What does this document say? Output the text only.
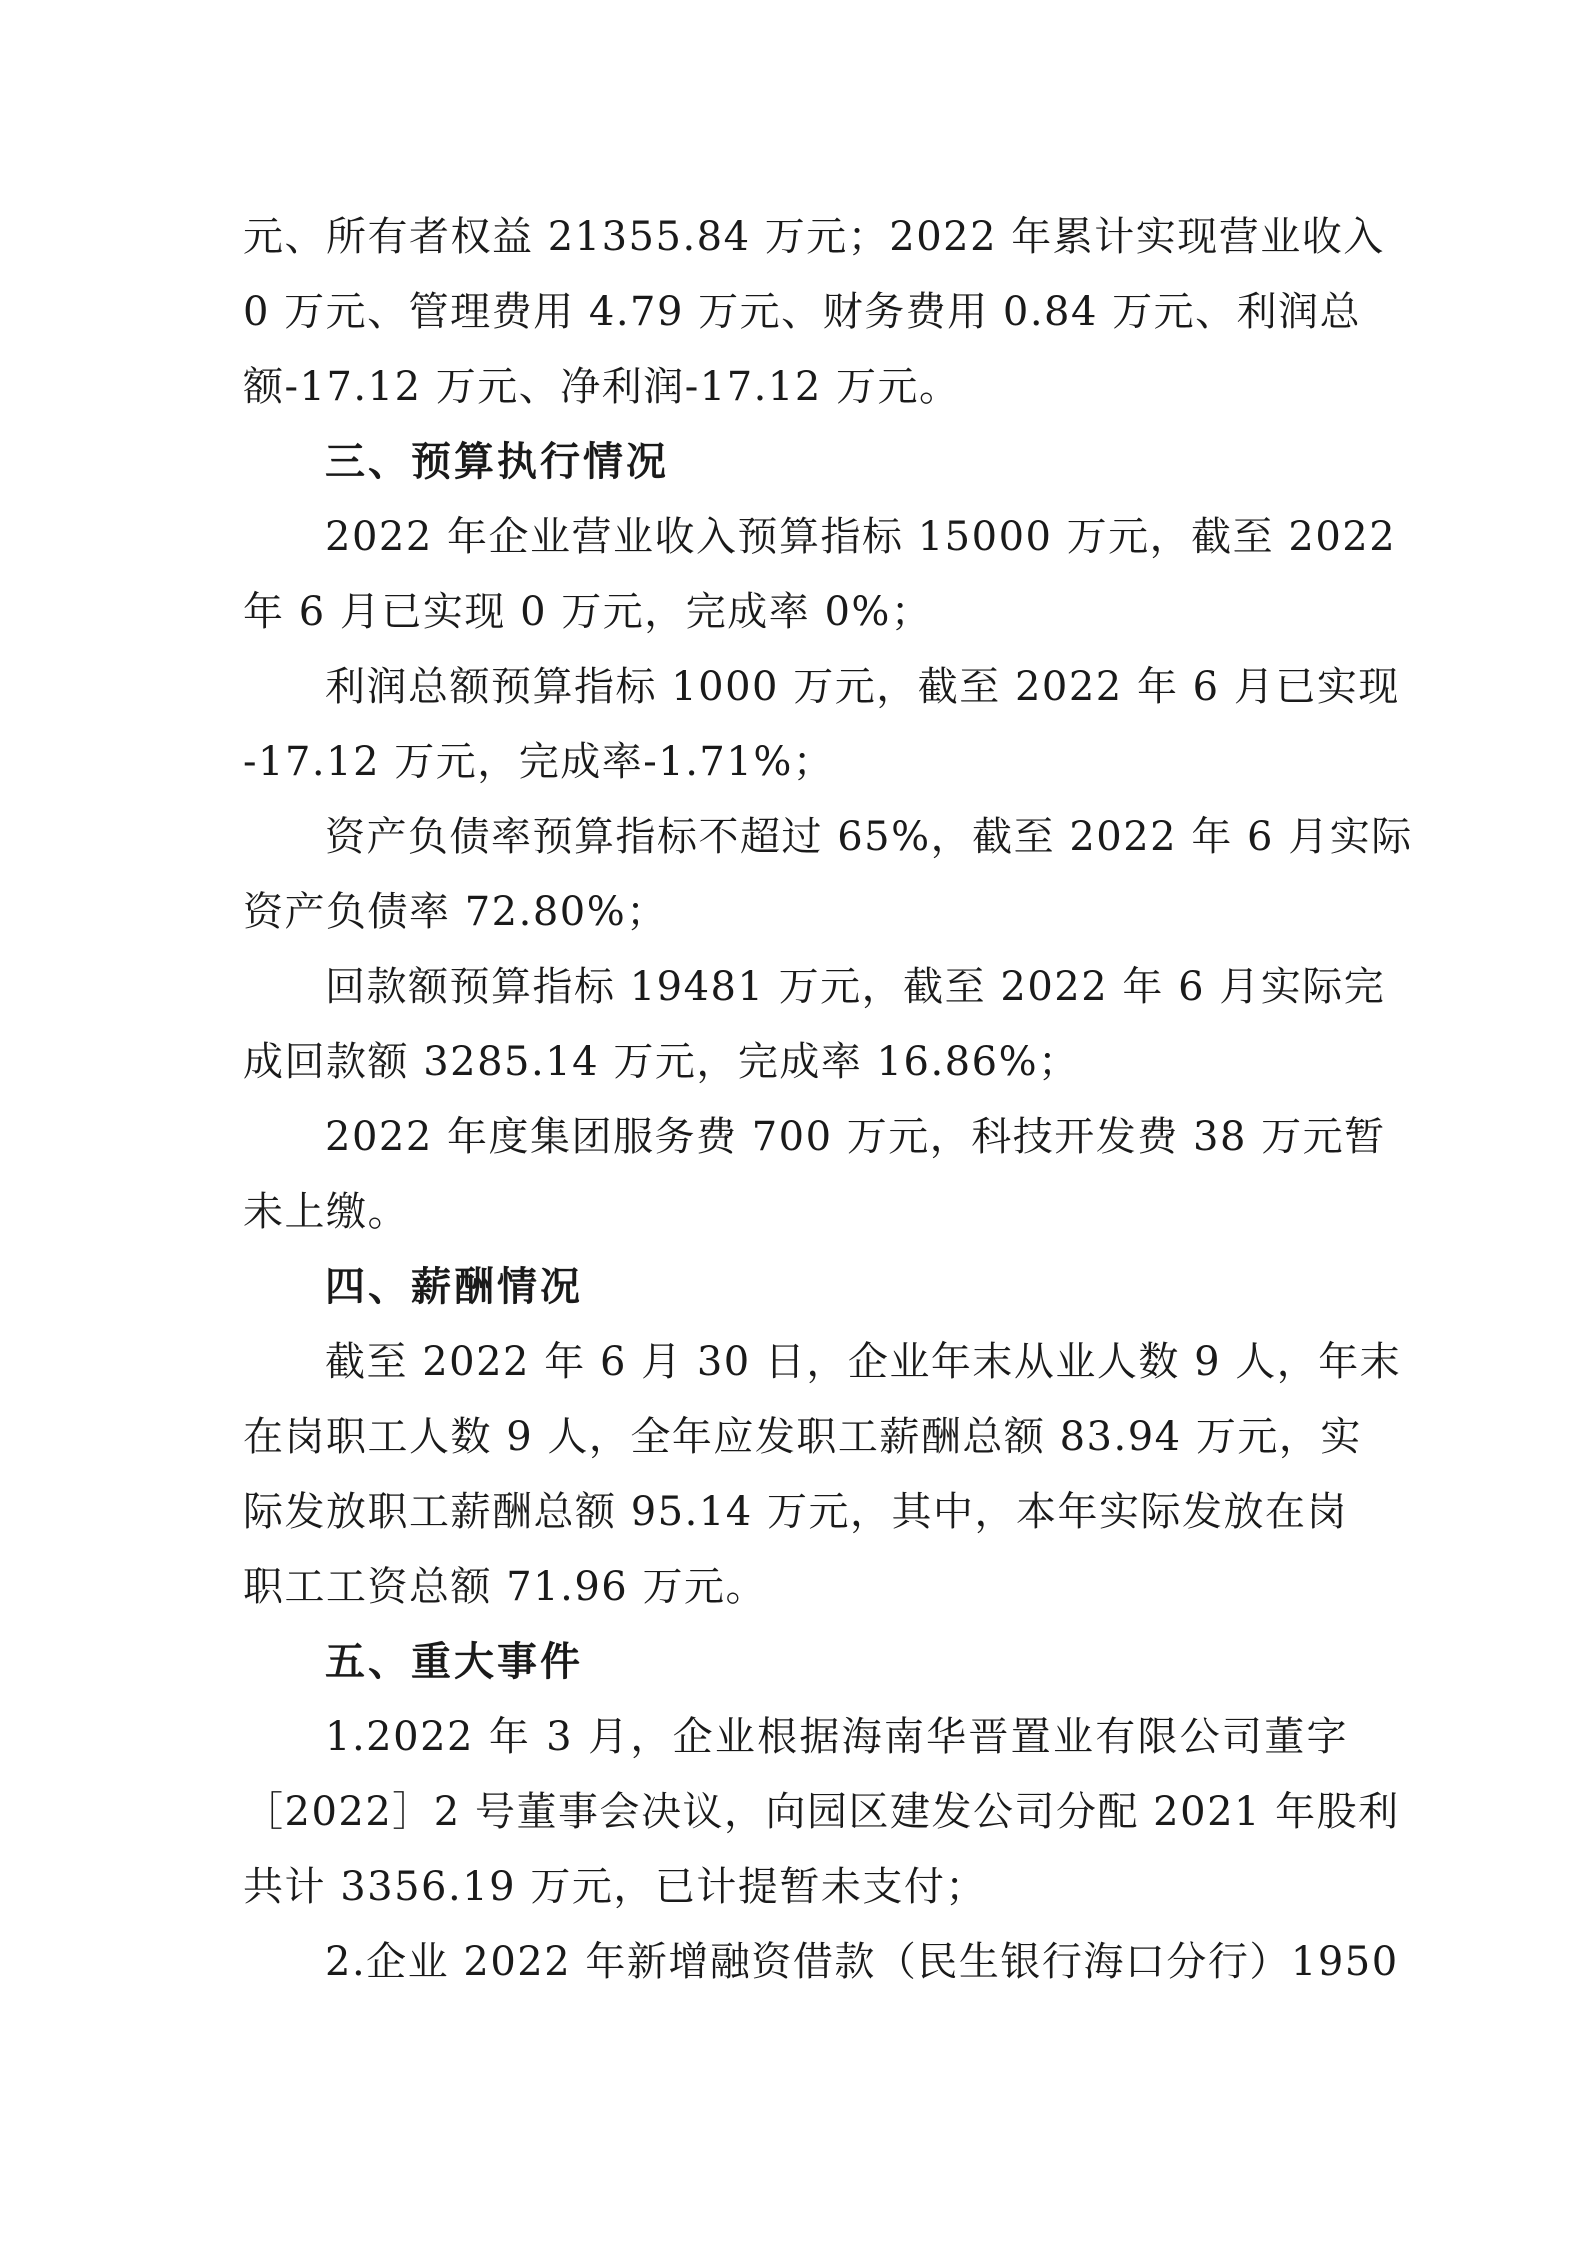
元、所有者权益 21355.84 万元；2022 年累计实现营业收入
0 万元、管理费用 4.79 万元、财务费用 0.84 万元、利润总
额-17.12 万元、净利润-17.12 万元。
三、预算执行情况
2022 年企业营业收入预算指标 15000 万元，截至 2022
年 6 月已实现 0 万元，完成率 0%；
利润总额预算指标 1000 万元，截至 2022 年 6 月已实现
-17.12 万元，完成率-1.71%；
资产负债率预算指标不超过 65%，截至 2022 年 6 月实际
资产负债率 72.80%；
回款额预算指标 19481 万元，截至 2022 年 6 月实际完
成回款额 3285.14 万元，完成率 16.86%；
2022 年度集团服务费 700 万元，科技开发费 38 万元暂
未上缴。
四、薪酬情况
截至 2022 年 6 月 30 日，企业年末从业人数 9 人，年末
在岗职工人数 9 人，全年应发职工薪酬总额 83.94 万元，实
际发放职工薪酬总额 95.14 万元，其中，本年实际发放在岗
职工工资总额 71.96 万元。
五、重大事件
1.2022 年 3 月，企业根据海南华晋置业有限公司董字
［2022］2 号董事会决议，向园区建发公司分配 2021 年股利
共计 3356.19 万元，已计提暂未支付；
2.企业 2022 年新增融资借款（民生银行海口分行）1950
